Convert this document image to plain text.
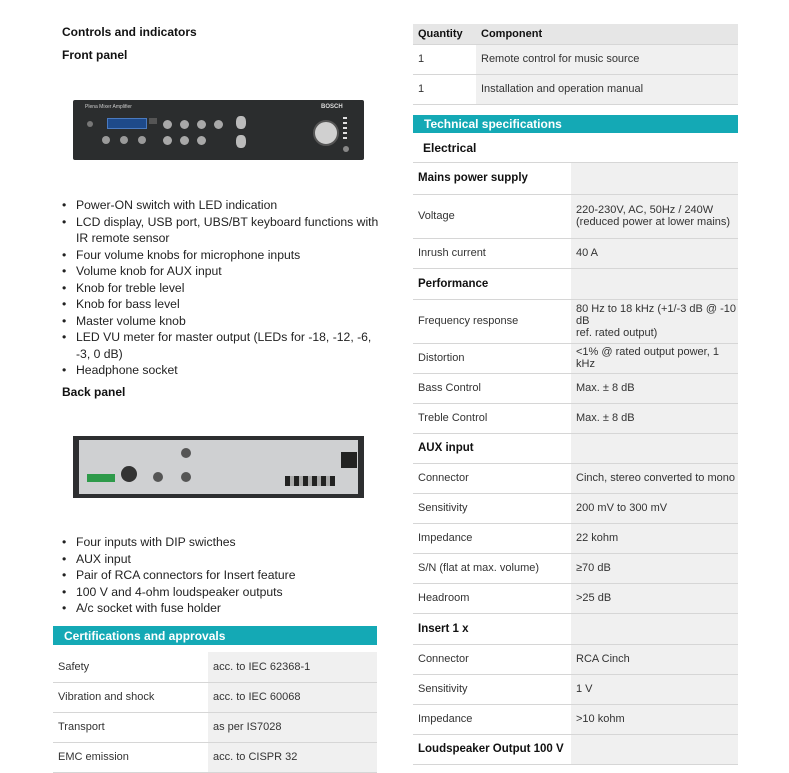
Controls and indicators
Front panel
Plena Mixer Amplifier	BOSCH
• Power-ON switch with LED indication
• LCD display, USB port, UBS/BT keyboard functions with IR remote sensor
• Four volume knobs for microphone inputs
• Volume knob for AUX input
• Knob for treble level
• Knob for bass level
• Master volume knob
• LED VU meter for master output (LEDs for -18, -12, -6, -3, 0 dB)
• Headphone socket
Back panel
• Four inputs with DIP swicthes
• AUX input
• Pair of RCA connectors for Insert feature
• 100 V and 4-ohm loudspeaker outputs
• A/c socket with fuse holder
Certifications and approvals
Safety	acc. to IEC 62368-1
Vibration and shock	acc. to IEC 60068
Transport	as per IS7028
EMC emission	acc. to CISPR 32
Quantity	Component
1	Remote control for music source
1	Installation and operation manual
Technical specifications
Electrical
Mains power supply	
Voltage	220-230V, AC, 50Hz / 240W
(reduced power at lower mains)

Inrush current	40 A
Performance	
Frequency response	80 Hz to 18 kHz (+1/-3 dB @ -10 dB
ref. rated output)

Distortion	<1% @ rated output power, 1 kHz
Bass Control	Max. ± 8 dB
Treble Control	Max. ± 8 dB
AUX input	
Connector	Cinch, stereo converted to mono
Sensitivity	200 mV to 300 mV
Impedance	22 kohm
S/N (flat at max. volume)	≥70 dB
Headroom	>25 dB
Insert 1 x	
Connector	RCA Cinch
Sensitivity	1 V
Impedance	>10 kohm
Loudspeaker Output 100 V	
